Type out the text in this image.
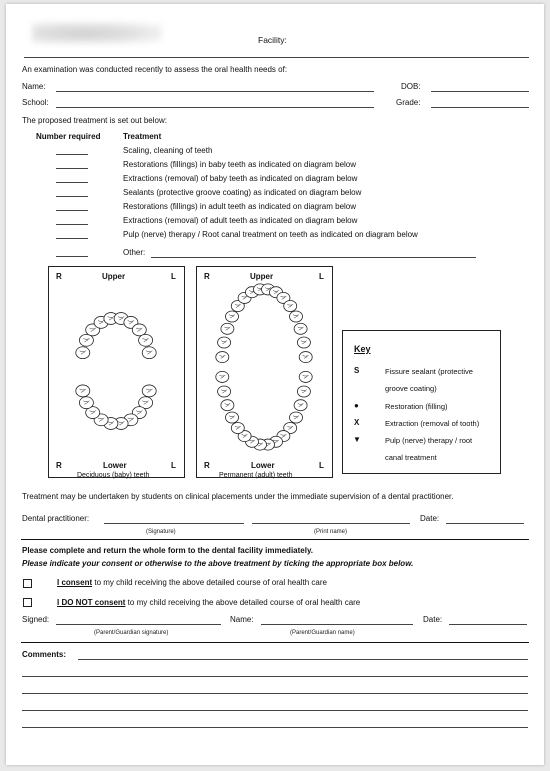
Facility:
An examination was conducted recently to assess the oral health needs of:
Name:	DOB:
School:	Grade:
The proposed treatment is set out below:
Number required	Treatment
Scaling, cleaning of teeth
Restorations (fillings) in baby teeth as indicated on diagram below
Extractions (removal) of baby teeth as indicated on diagram below
Sealants (protective groove coating) as indicated on diagram below
Restorations (fillings) in adult teeth as indicated on diagram below
Extractions (removal) of adult teeth as indicated on diagram below
Pulp (nerve) therapy / Root canal treatment on teeth as indicated on diagram below
Other:
R	Upper	L
R	Lower	L
Deciduous (baby) teeth
R	Upper	L
R	Lower	L
Permanent (adult) teeth
Key
S	Fissure sealant (protective
groove coating)
●	Restoration (filling)
X	Extraction (removal of tooth)
▼	Pulp (nerve) therapy / root
canal treatment
Treatment may be undertaken by students on clinical placements under the immediate supervision of a dental practitioner.
Dental practitioner:	Date:
(Signature)	(Print name)
Please complete and return the whole form to the dental facility immediately.
Please indicate your consent or otherwise to the above treatment by ticking the appropriate box below.
I consent to my child receiving the above detailed course of oral health care
I DO NOT consent to my child receiving the above detailed course of oral health care
Signed:	Name:	Date:
(Parent/Guardian signature)	(Parent/Guardian name)
Comments:
